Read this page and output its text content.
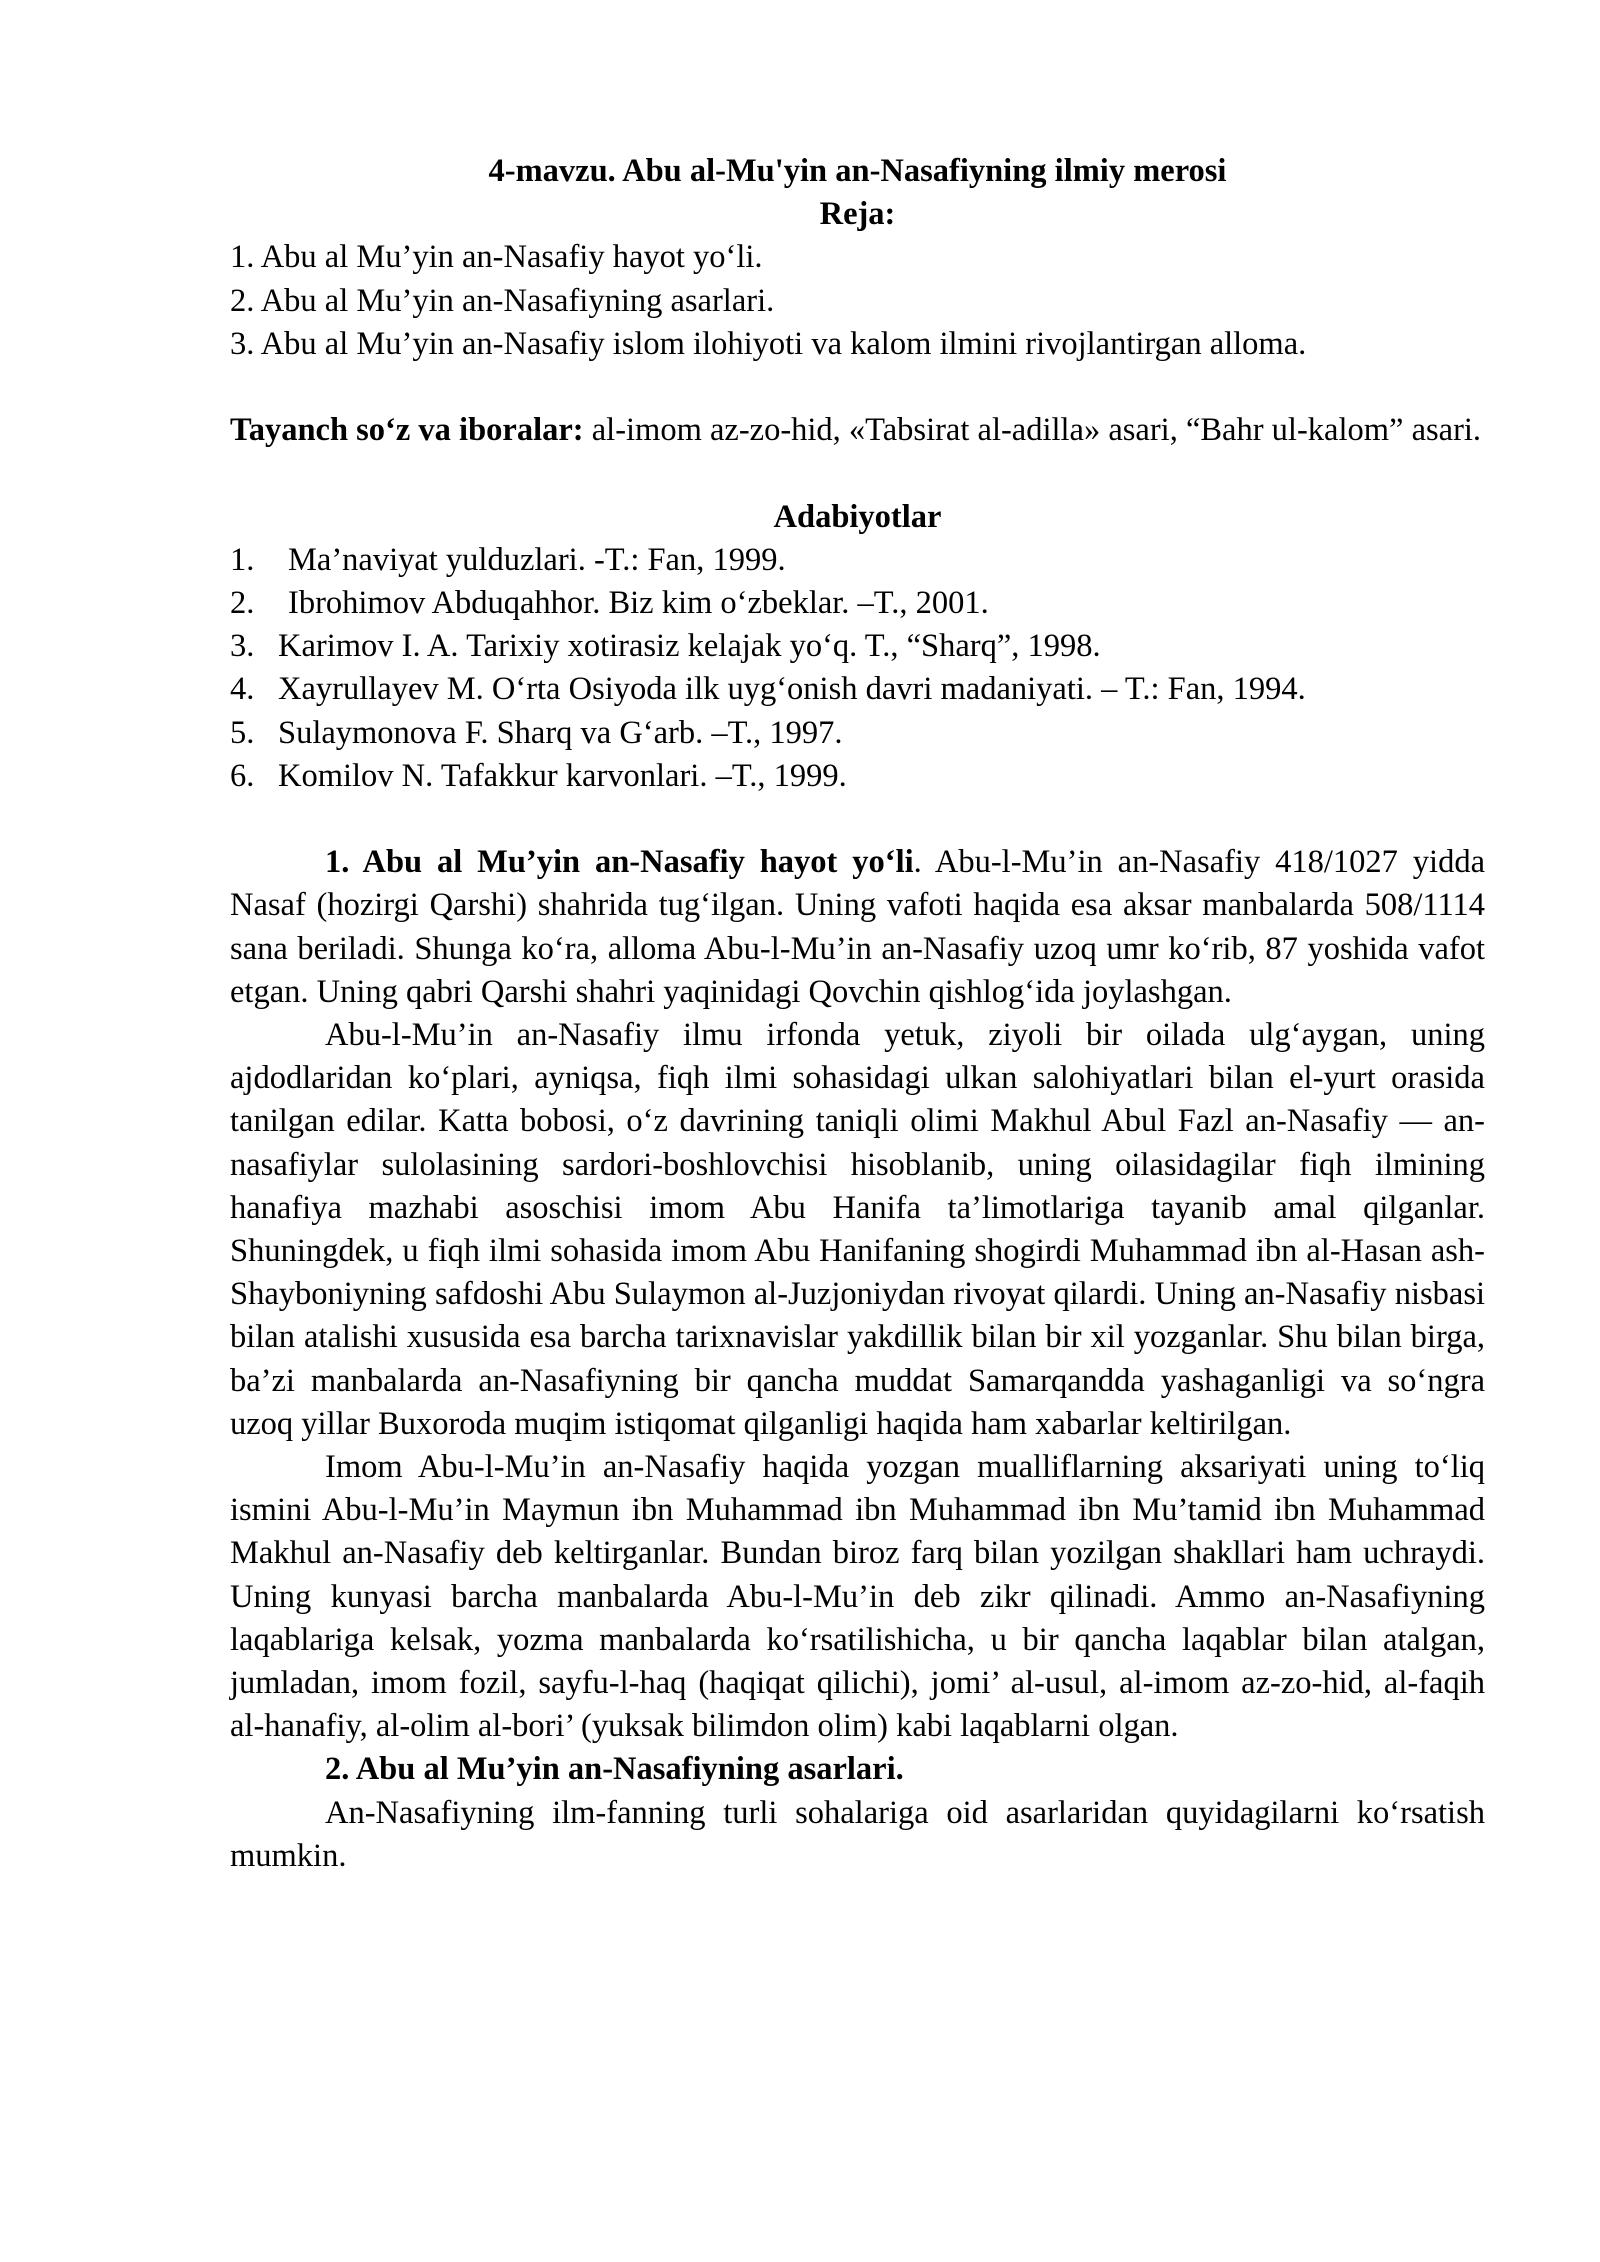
4-mavzu. Abu al-Mu'yin an-Nasafiyning ilmiy merosi

Reja:

1. Abu al Mu’yin an-Nasafiy hayot yo‘li.

2. Abu al Mu’yin an-Nasafiyning asarlari.

3. Abu al Mu’yin an-Nasafiy islom ilohiyoti va kalom ilmini rivojlantirgan alloma.

Tayanch so‘z va iboralar: al-imom az-zo-hid, «Tabsirat al-adilla» asari, “Bahr ul-kalom” asari.

Adabiyotlar

1. Ma’naviyat yulduzlari. -T.: Fan, 1999.

2. Ibrohimov Abduqahhor. Biz kim o‘zbeklar. –T., 2001.

3. Karimov I. A. Tarixiy xotirasiz kelajak yo‘q. T., “Sharq”, 1998.

4. Xayrullayev M. O‘rta Osiyoda ilk uyg‘onish davri madaniyati. – T.: Fan, 1994.

5. Sulaymonova F. Sharq va G‘arb. –T., 1997.

6. Komilov N. Tafakkur karvonlari. –T., 1999.

1. Abu al Mu’yin an-Nasafiy hayot yo‘li. Abu-l-Mu’in an-Nasafiy 418/1027 yidda Nasaf (hozirgi Qarshi) shahrida tug‘ilgan. Uning vafoti haqida esa aksar manbalarda 508/1114 sana beriladi. Shunga ko‘ra, alloma Abu-l-Mu’in an-Nasafiy uzoq umr ko‘rib, 87 yoshida vafot etgan. Uning qabri Qarshi shahri yaqinidagi Qovchin qishlog‘ida joylashgan.

Abu-l-Mu’in an-Nasafiy ilmu irfonda yetuk, ziyoli bir oilada ulg‘aygan, uning ajdodlaridan ko‘plari, ayniqsa, fiqh ilmi sohasidagi ulkan salohiyatlari bilan el-yurt orasida tanilgan edilar. Katta bobosi, o‘z davrining taniqli olimi Makhul Abul Fazl an-Nasafiy — an-nasafiylar sulolasining sardori-boshlovchisi hisoblanib, uning oilasidagilar fiqh ilmining hanafiya mazhabi asoschisi imom Abu Hanifa ta’limotlariga tayanib amal qilganlar. Shuningdek, u fiqh ilmi sohasida imom Abu Hanifaning shogirdi Muhammad ibn al-Hasan ash-Shayboniyning safdoshi Abu Sulaymon al-Juzjoniydan rivoyat qilardi. Uning an-Nasafiy nisbasi bilan atalishi xususida esa barcha tarixnavislar yakdillik bilan bir xil yozganlar. Shu bilan birga, ba’zi manbalarda an-Nasafiyning bir qancha muddat Samarqandda yashaganligi va so‘ngra uzoq yillar Buxoroda muqim istiqomat qilganligi haqida ham xabarlar keltirilgan.

Imom Abu-l-Mu’in an-Nasafiy haqida yozgan mualliflarning aksariyati uning to‘liq ismini Abu-l-Mu’in Maymun ibn Muhammad ibn Muhammad ibn Mu’tamid ibn Muhammad Makhul an-Nasafiy deb keltirganlar. Bundan biroz farq bilan yozilgan shakllari ham uchraydi. Uning kunyasi barcha manbalarda Abu-l-Mu’in deb zikr qilinadi. Ammo an-Nasafiyning laqablariga kelsak, yozma manbalarda ko‘rsatilishicha, u bir qancha laqablar bilan atalgan, jumladan, imom fozil, sayfu-l-haq (haqiqat qilichi), jomi’ al-usul, al-imom az-zo-hid, al-faqih al-hanafiy, al-olim al-bori’ (yuksak bilimdon olim) kabi laqablarni olgan.

2. Abu al Mu’yin an-Nasafiyning asarlari.

An-Nasafiyning ilm-fanning turli sohalariga oid asarlaridan quyidagilarni ko‘rsatish mumkin.
